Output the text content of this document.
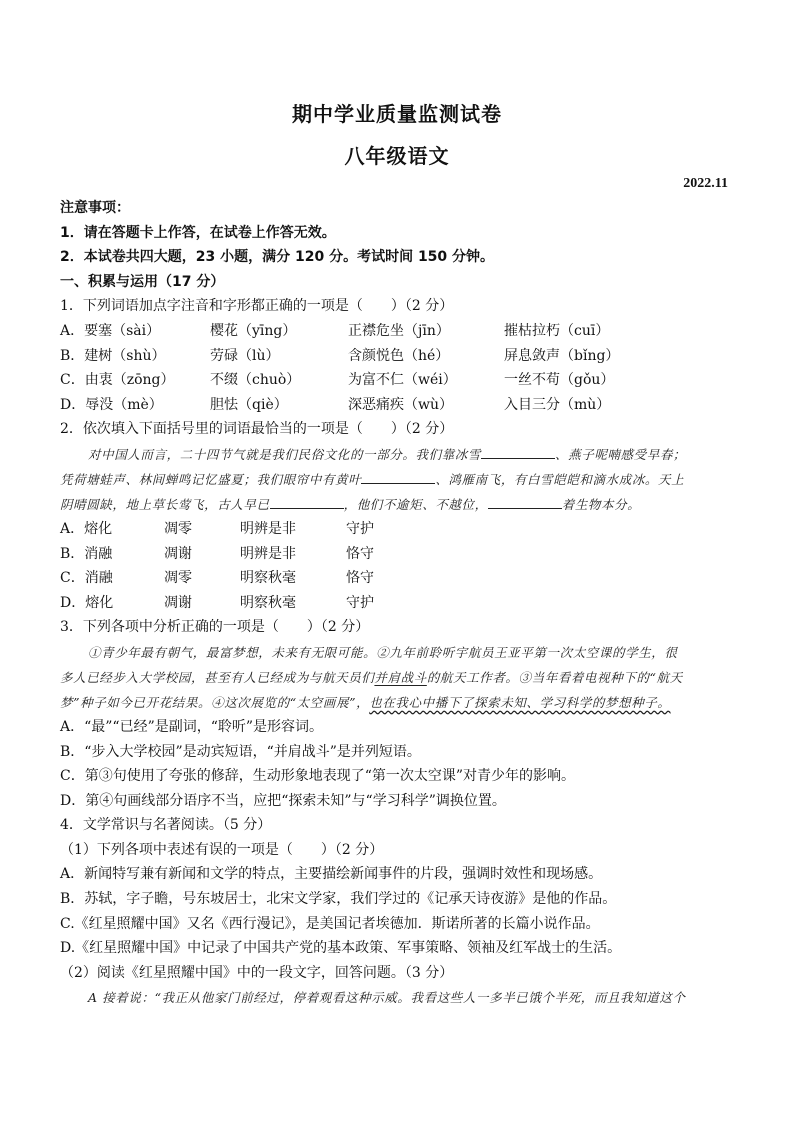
期中学业质量监测试卷
八年级语文
2022.11
注意事项：
1．请在答题卡上作答，在试卷上作答无效。
2．本试卷共四大题，23 小题，满分 120 分。考试时间 150 分钟。
一、积累与运用（17 分）
1．下列词语加点字注音和字形都正确的一项是（　　）（2 分）
A．要塞（sài）	樱花（yīng）	正襟危坐（jīn）	摧枯拉朽（cuī）
B．建树（shù）	劳碌（lù）	含颜悦色（hé）	屏息敛声（bǐng）
C．由衷（zōng）	不缀（chuò）	为富不仁（wéi）	一丝不苟（gǒu）
D．辱没（mè）	胆怯（qiè）	深恶痛疾（wù）	入目三分（mù）
2．依次填入下面括号里的词语最恰当的一项是（　　）（2 分）
对中国人而言，二十四节气就是我们民俗文化的一部分。我们靠冰雪	、燕子呢喃感受早春；
凭荷塘蛙声、林间蝉鸣记忆盛夏；我们眼帘中有黄叶	、鸿雁南飞，有白雪皑皑和滴水成冰。天上
阴晴圆缺，地上草长莺飞，古人早已	，他们不逾矩、不越位，	着生物本分。
A．熔化	凋零	明辨是非	守护
B．消融	凋谢	明辨是非	恪守
C．消融	凋零	明察秋毫	恪守
D．熔化	凋谢	明察秋毫	守护
3．下列各项中分析正确的一项是（　　）（2 分）
①青少年最有朝气，最富梦想，未来有无限可能。②九年前聆听宇航员王亚平第一次太空课的学生，很
多人已经步入大学校园，甚至有人已经成为与航天员们并肩战斗的航天工作者。③当年看着电视种下的“航天
梦”种子如今已开花结果。④这次展览的“太空画展”，也在我心中播下了探索未知、学习科学的梦想种子。
A．“最”“已经”是副词，“聆听”是形容词。
B．“步入大学校园”是动宾短语，“并肩战斗”是并列短语。
C．第③句使用了夸张的修辞，生动形象地表现了“第一次太空课”对青少年的影响。
D．第④句画线部分语序不当，应把“探索未知”与“学习科学”调换位置。
4．文学常识与名著阅读。（5 分）
（1）下列各项中表述有误的一项是（　　）（2 分）
A．新闻特写兼有新闻和文学的特点，主要描绘新闻事件的片段，强调时效性和现场感。
B．苏轼，字子瞻，号东坡居士，北宋文学家，我们学过的《记承天诗夜游》是他的作品。
C.《红星照耀中国》又名《西行漫记》，是美国记者埃德加．斯诺所著的长篇小说作品。
D.《红星照耀中国》中记录了中国共产党的基本政策、军事策略、领袖及红军战士的生活。
（2）阅读《红星照耀中国》中的一段文字，回答问题。（3 分）
A 接着说：“我正从他家门前经过，停着观看这种示威。我看这些人一多半已饿个半死，而且我知道这个
